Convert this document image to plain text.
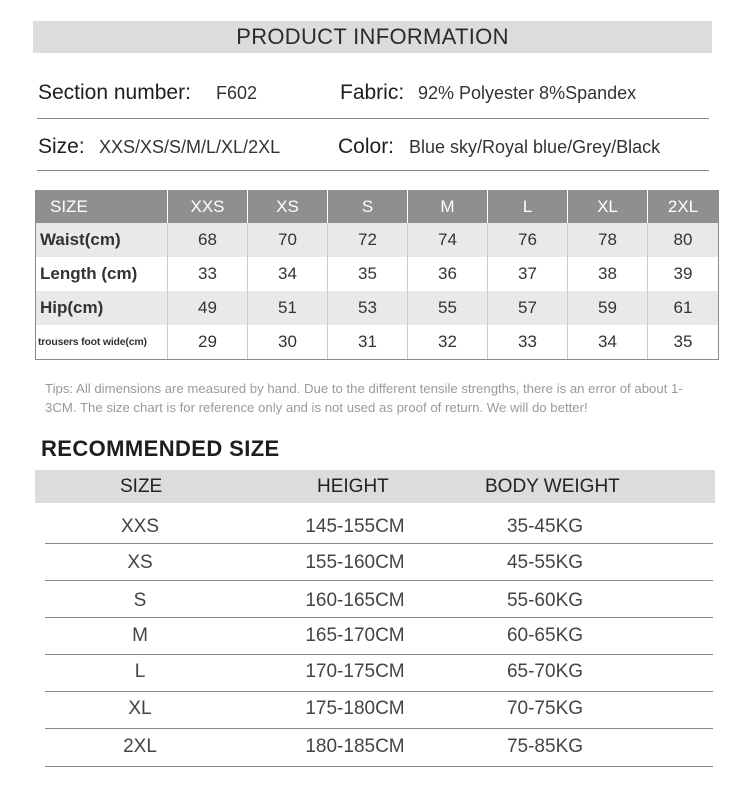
PRODUCT INFORMATION
Section number: F602	Fabric: 92% Polyester 8%Spandex
Size: XXS/XS/S/M/L/XL/2XL	Color: Blue sky/Royal blue/Grey/Black
SIZE	XXS	XS	S	M	L	XL	2XL
Waist(cm)	68	70	72	74	76	78	80
Length (cm)	33	34	35	36	37	38	39
Hip(cm)	49	51	53	55	57	59	61
trousers foot wide(cm)	29	30	31	32	33	34	35
Tips: All dimensions are measured by hand. Due to the different tensile strengths, there is an error of about 1-3CM. The size chart is for reference only and is not used as proof of return. We will do better!
RECOMMENDED SIZE
SIZE	HEIGHT	BODY WEIGHT
XXS	145-155CM	35-45KG
XS	155-160CM	45-55KG
S	160-165CM	55-60KG
M	165-170CM	60-65KG
L	170-175CM	65-70KG
XL	175-180CM	70-75KG
2XL	180-185CM	75-85KG
